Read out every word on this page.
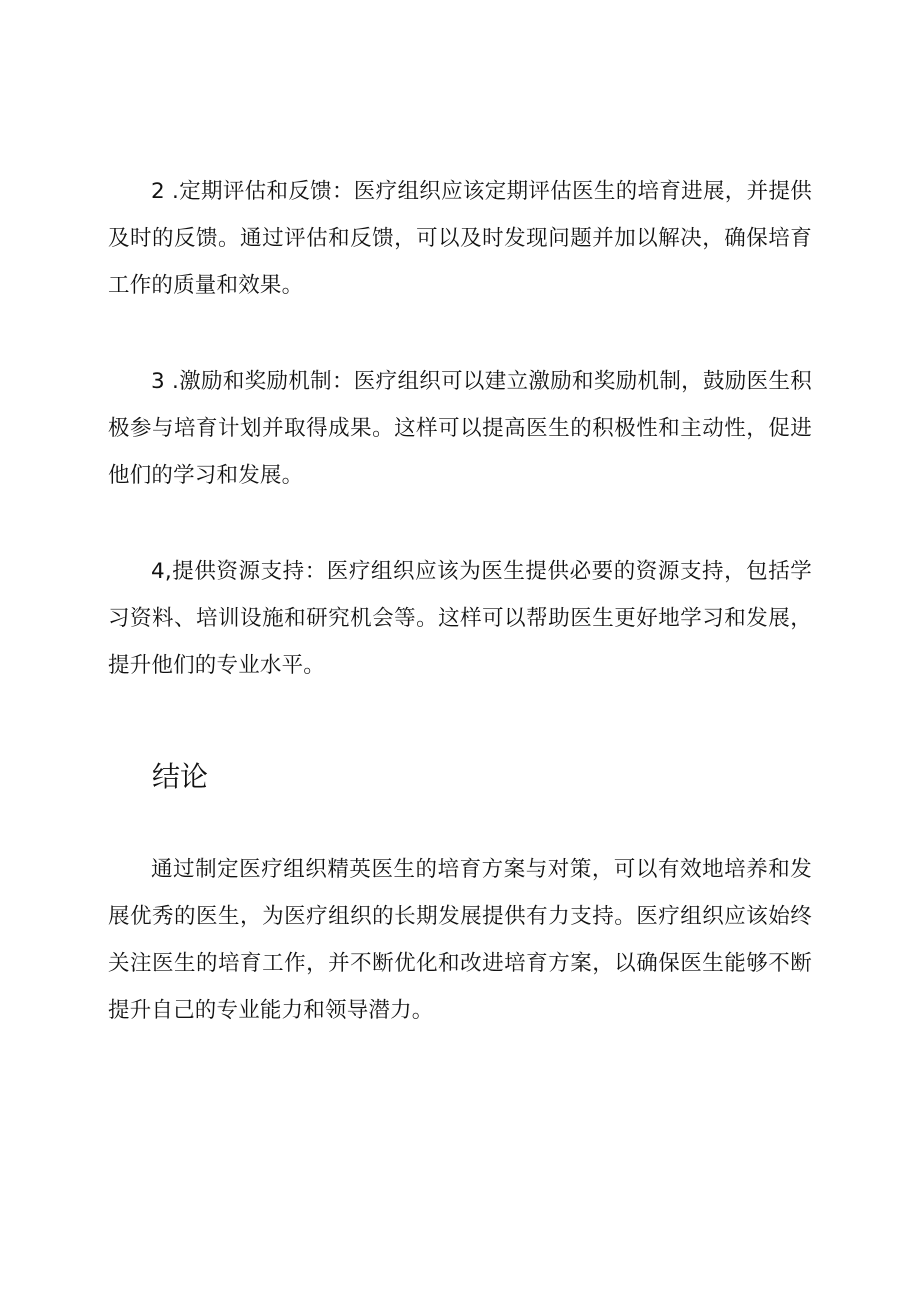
2 .定期评估和反馈：医疗组织应该定期评估医生的培育进展，并提供及时的反馈。通过评估和反馈，可以及时发现问题并加以解决，确保培育工作的质量和效果。

3 .激励和奖励机制：医疗组织可以建立激励和奖励机制，鼓励医生积极参与培育计划并取得成果。这样可以提高医生的积极性和主动性，促进他们的学习和发展。

4,提供资源支持：医疗组织应该为医生提供必要的资源支持，包括学习资料、培训设施和研究机会等。这样可以帮助医生更好地学习和发展，提升他们的专业水平。

结论

通过制定医疗组织精英医生的培育方案与对策，可以有效地培养和发展优秀的医生，为医疗组织的长期发展提供有力支持。医疗组织应该始终关注医生的培育工作，并不断优化和改进培育方案，以确保医生能够不断提升自己的专业能力和领导潜力。
